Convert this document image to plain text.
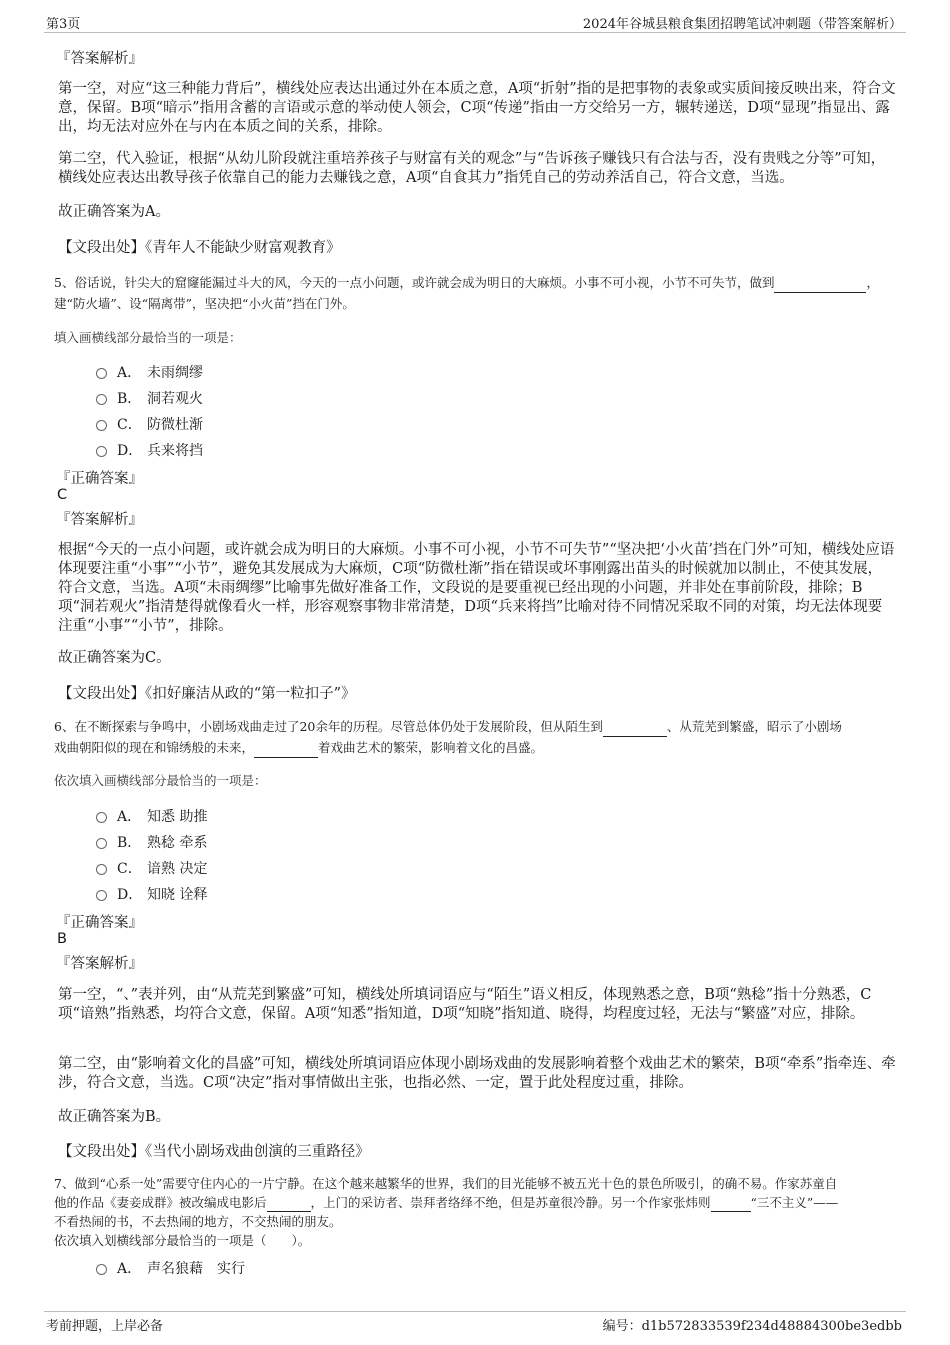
第3页	2024年谷城县粮食集团招聘笔试冲刺题（带答案解析）
『答案解析』
第一空，对应“这三种能力背后”，横线处应表达出通过外在本质之意，A项“折射”指的是把事物的表象或实质间接反映出来，符合文意，保留。B项“暗示”指用含蓄的言语或示意的举动使人领会，C项“传递”指由一方交给另一方，辗转递送，D项“显现”指显出、露出，均无法对应外在与内在本质之间的关系，排除。
第二空，代入验证，根据“从幼儿阶段就注重培养孩子与财富有关的观念”与“告诉孩子赚钱只有合法与否，没有贵贱之分等”可知，横线处应表达出教导孩子依靠自己的能力去赚钱之意，A项“自食其力”指凭自己的劳动养活自己，符合文意，当选。
故正确答案为A。
【文段出处】《青年人不能缺少财富观教育》
5、俗话说，针尖大的窟窿能漏过斗大的风，今天的一点小问题，或许就会成为明日的大麻烦。小事不可小视，小节不可失节，做到	，建“防火墙”、设“隔离带”，坚决把“小火苗”挡在门外。
填入画横线部分最恰当的一项是：
A． 未雨绸缪
B． 洞若观火
C． 防微杜渐
D． 兵来将挡
『正确答案』
C
『答案解析』
根据“今天的一点小问题，或许就会成为明日的大麻烦。小事不可小视，小节不可失节”“坚决把‘小火苗’挡在门外”可知，横线处应语体现要注重“小事”“小节”，避免其发展成为大麻烦，C项“防微杜渐”指在错误或坏事刚露出苗头的时候就加以制止，不使其发展，符合文意，当选。A项“未雨绸缪”比喻事先做好准备工作，文段说的是要重视已经出现的小问题，并非处在事前阶段，排除；B项“洞若观火”指清楚得就像看火一样，形容观察事物非常清楚，D项“兵来将挡”比喻对待不同情况采取不同的对策，均无法体现要注重“小事”“小节”，排除。
故正确答案为C。
【文段出处】《扣好廉洁从政的“第一粒扣子”》
6、在不断探索与争鸣中，小剧场戏曲走过了20余年的历程。尽管总体仍处于发展阶段，但从陌生到	、从荒芜到繁盛，昭示了小剧场
戏曲朝阳似的现在和锦绣般的未来，	着戏曲艺术的繁荣，影响着文化的昌盛。
依次填入画横线部分最恰当的一项是：
A． 知悉 助推
B． 熟稔 牵系
C． 谙熟 决定
D． 知晓 诠释
『正确答案』
B
『答案解析』
第一空，“、”表并列，由“从荒芜到繁盛”可知，横线处所填词语应与“陌生”语义相反，体现熟悉之意，B项“熟稔”指十分熟悉，C项“谙熟”指熟悉，均符合文意，保留。A项“知悉”指知道，D项“知晓”指知道、晓得，均程度过轻，无法与“繁盛”对应，排除。
第二空，由“影响着文化的昌盛”可知，横线处所填词语应体现小剧场戏曲的发展影响着整个戏曲艺术的繁荣，B项“牵系”指牵连、牵涉，符合文意，当选。C项“决定”指对事情做出主张，也指必然、一定，置于此处程度过重，排除。
故正确答案为B。
【文段出处】《当代小剧场戏曲创演的三重路径》
7、做到“心系一处”需要守住内心的一片宁静。在这个越来越繁华的世界，我们的目光能够不被五光十色的景色所吸引，的确不易。作家苏童自
他的作品《妻妾成群》被改编成电影后	，上门的采访者、崇拜者络绎不绝，但是苏童很冷静。另一个作家张炜则	“三不主义”——
不看热闹的书，不去热闹的地方，不交热闹的朋友。
依次填入划横线部分最恰当的一项是（　　）。
A． 声名狼藉　实行
考前押题，上岸必备	编号：d1b572833539f234d48884300be3edbb
